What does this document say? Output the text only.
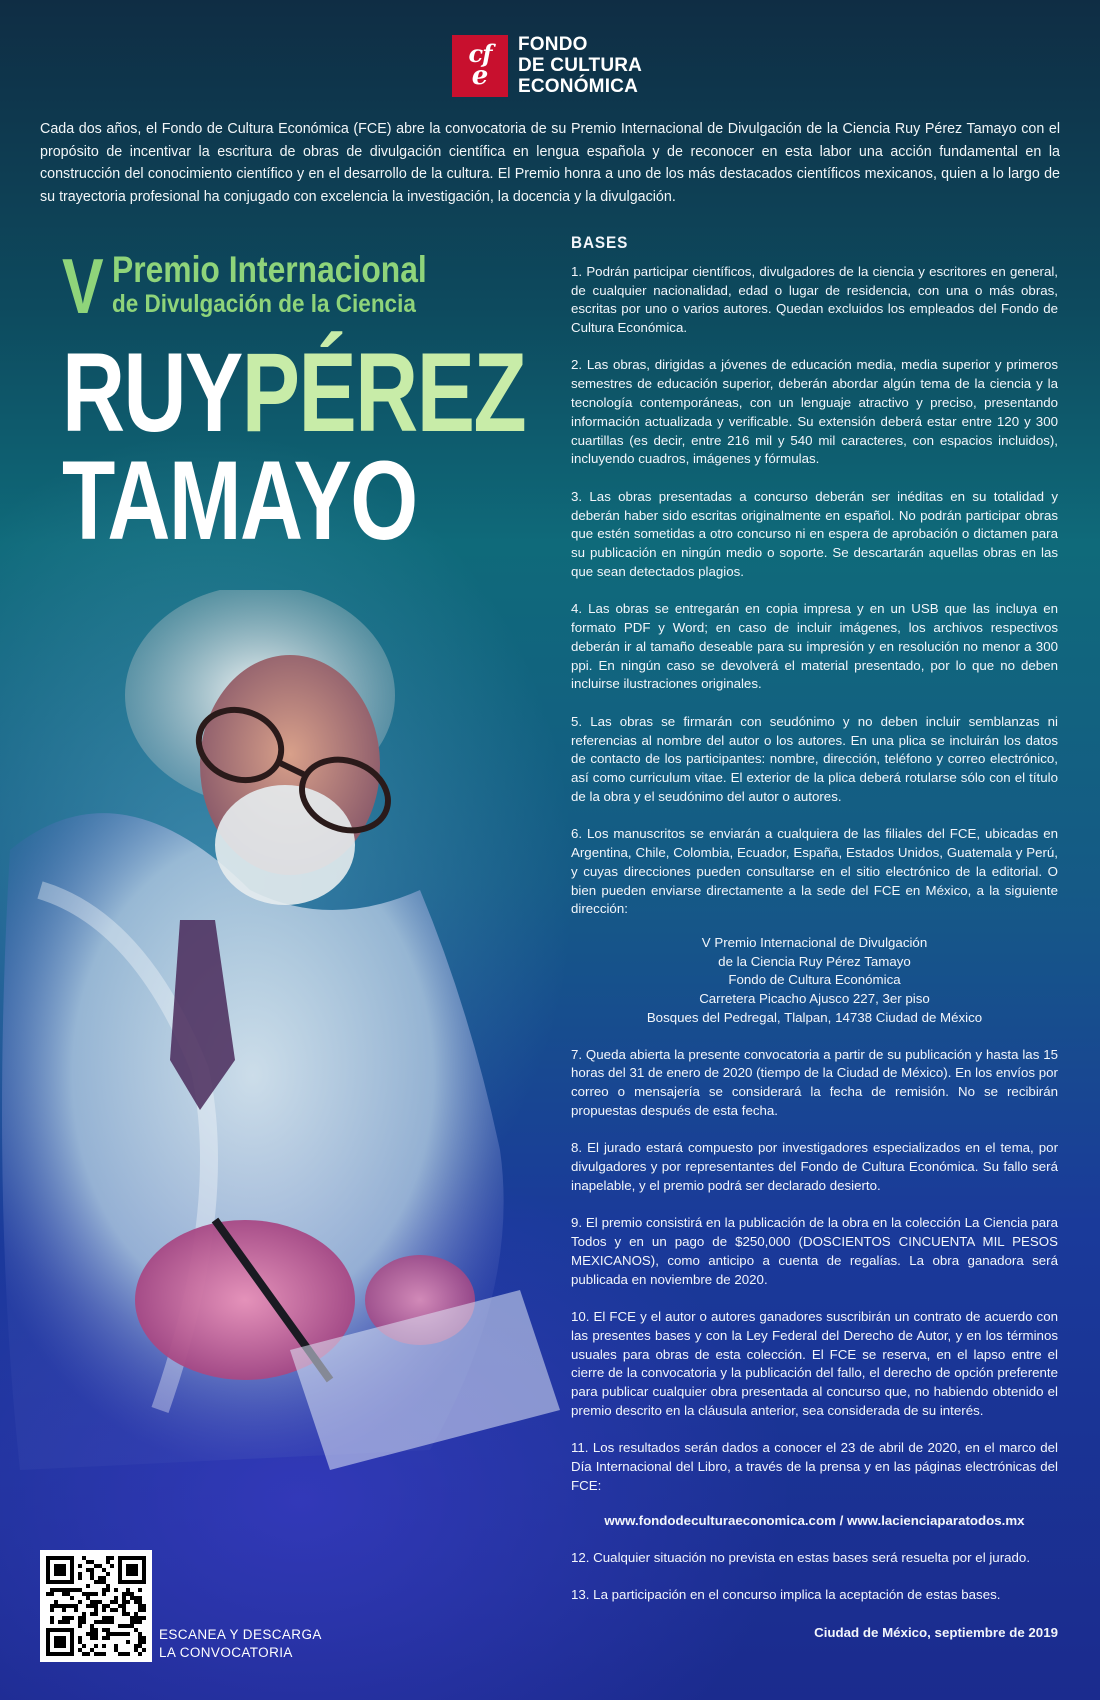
cf
e
FONDO
DE CULTURA
ECONÓMICA

Cada dos años, el Fondo de Cultura Económica (FCE) abre la convocatoria de su Premio Internacional de Divulgación de la Ciencia Ruy Pérez Tamayo con el propósito de incentivar la escritura de obras de divulgación científica en lengua española y de reconocer en esta labor una acción fundamental en la construcción del conocimiento científico y en el desarrollo de la cultura. El Premio honra a uno de los más destacados científicos mexicanos, quien a lo largo de su trayectoria profesional ha conjugado con excelencia la investigación, la docencia y la divulgación.

V Premio Internacional
de Divulgación de la Ciencia
RUYPÉREZ
TAMAYO
BASES

1. Podrán participar científicos, divulgadores de la ciencia y escritores en general, de cualquier nacionalidad, edad o lugar de residencia, con una o más obras, escritas por uno o varios autores. Quedan excluidos los empleados del Fondo de Cultura Económica.

2. Las obras, dirigidas a jóvenes de educación media, media superior y primeros semestres de educación superior, deberán abordar algún tema de la ciencia y la tecnología contemporáneas, con un lenguaje atractivo y preciso, presentando información actualizada y verificable. Su extensión deberá estar entre 120 y 300 cuartillas (es decir, entre 216 mil y 540 mil caracteres, con espacios incluidos), incluyendo cuadros, imágenes y fórmulas.

3. Las obras presentadas a concurso deberán ser inéditas en su totalidad y deberán haber sido escritas originalmente en español. No podrán participar obras que estén sometidas a otro concurso ni en espera de aprobación o dictamen para su publicación en ningún medio o soporte. Se descartarán aquellas obras en las que sean detectados plagios.

4. Las obras se entregarán en copia impresa y en un USB que las incluya en formato PDF y Word; en caso de incluir imágenes, los archivos respectivos deberán ir al tamaño deseable para su impresión y en resolución no menor a 300 ppi. En ningún caso se devolverá el material presentado, por lo que no deben incluirse ilustraciones originales.

5. Las obras se firmarán con seudónimo y no deben incluir semblanzas ni referencias al nombre del autor o los autores. En una plica se incluirán los datos de contacto de los participantes: nombre, dirección, teléfono y correo electrónico, así como curriculum vitae. El exterior de la plica deberá rotularse sólo con el título de la obra y el seudónimo del autor o autores.

6. Los manuscritos se enviarán a cualquiera de las filiales del FCE, ubicadas en Argentina, Chile, Colombia, Ecuador, España, Estados Unidos, Guatemala y Perú, y cuyas direcciones pueden consultarse en el sitio electrónico de la editorial. O bien pueden enviarse directamente a la sede del FCE en México, a la siguiente dirección:

V Premio Internacional de Divulgación
de la Ciencia Ruy Pérez Tamayo
Fondo de Cultura Económica
Carretera Picacho Ajusco 227, 3er piso
Bosques del Pedregal, Tlalpan, 14738 Ciudad de México

7. Queda abierta la presente convocatoria a partir de su publicación y hasta las 15 horas del 31 de enero de 2020 (tiempo de la Ciudad de México). En los envíos por correo o mensajería se considerará la fecha de remisión. No se recibirán propuestas después de esta fecha.

8. El jurado estará compuesto por investigadores especializados en el tema, por divulgadores y por representantes del Fondo de Cultura Económica. Su fallo será inapelable, y el premio podrá ser declarado desierto.

9. El premio consistirá en la publicación de la obra en la colección La Ciencia para Todos y en un pago de $250,000 (DOSCIENTOS CINCUENTA MIL PESOS MEXICANOS), como anticipo a cuenta de regalías. La obra ganadora será publicada en noviembre de 2020.

10. El FCE y el autor o autores ganadores suscribirán un contrato de acuerdo con las presentes bases y con la Ley Federal del Derecho de Autor, y en los términos usuales para obras de esta colección. El FCE se reserva, en el lapso entre el cierre de la convocatoria y la publicación del fallo, el derecho de opción preferente para publicar cualquier obra presentada al concurso que, no habiendo obtenido el premio descrito en la cláusula anterior, sea considerada de su interés.

11. Los resultados serán dados a conocer el 23 de abril de 2020, en el marco del Día Internacional del Libro, a través de la prensa y en las páginas electrónicas del FCE:

www.fondodeculturaeconomica.com / www.lacienciaparatodos.mx

12. Cualquier situación no prevista en estas bases será resuelta por el jurado.

13. La participación en el concurso implica la aceptación de estas bases.

Ciudad de México, septiembre de 2019
ESCANEA Y DESCARGA
LA CONVOCATORIA
